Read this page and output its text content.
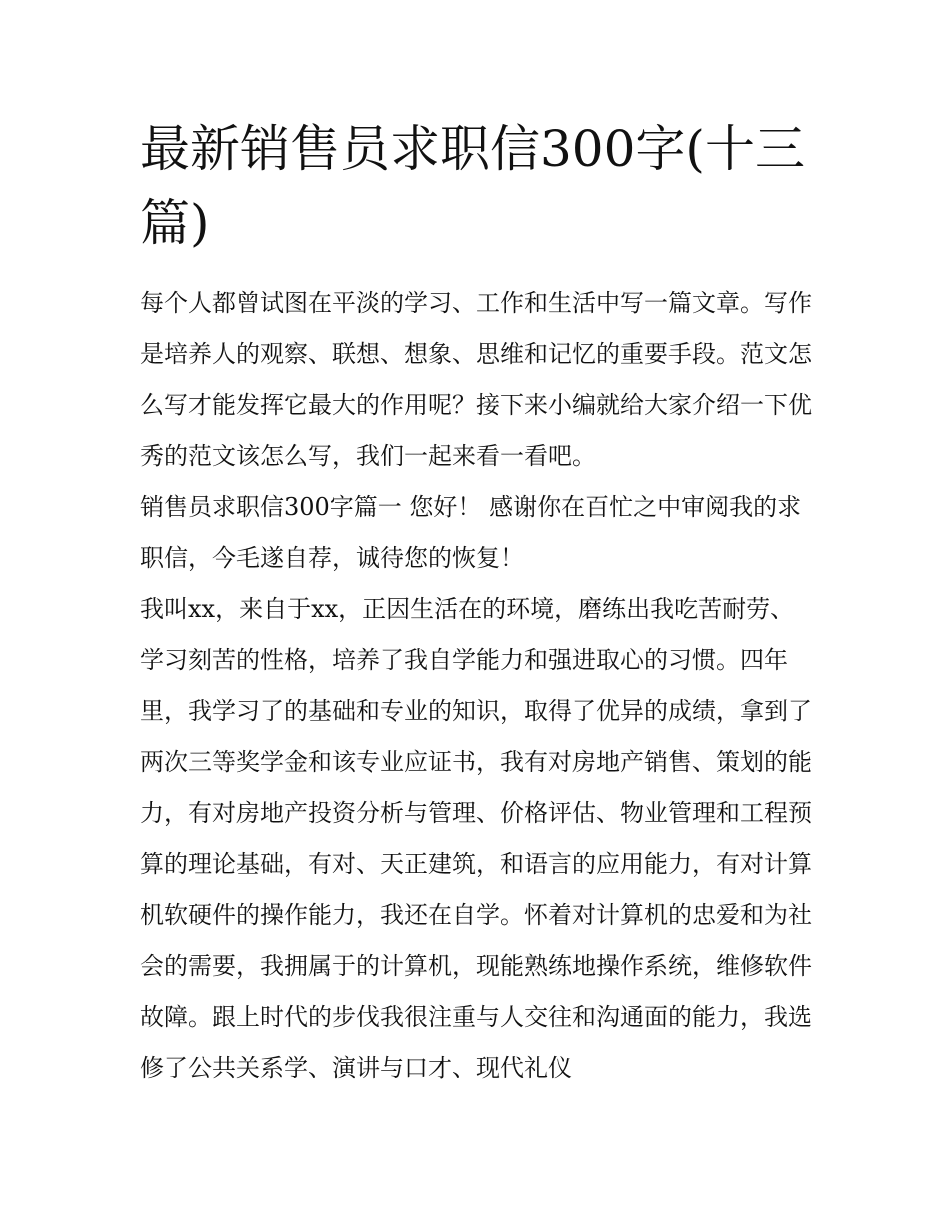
最新销售员求职信300字(十三篇)

每个人都曾试图在平淡的学习、工作和生活中写一篇文章。写作是培养人的观察、联想、想象、思维和记忆的重要手段。范文怎么写才能发挥它最大的作用呢？接下来小编就给大家介绍一下优秀的范文该怎么写，我们一起来看一看吧。

销售员求职信300字篇一 您好！ 感谢你在百忙之中审阅我的求职信，今毛遂自荐，诚待您的恢复！

我叫xx，来自于xx，正因生活在的环境，磨练出我吃苦耐劳、学习刻苦的性格，培养了我自学能力和强进取心的习惯。四年里，我学习了的基础和专业的知识，取得了优异的成绩，拿到了两次三等奖学金和该专业应证书，我有对房地产销售、策划的能力，有对房地产投资分析与管理、价格评估、物业管理和工程预算的理论基础，有对、天正建筑，和语言的应用能力，有对计算机软硬件的操作能力，我还在自学。怀着对计算机的忠爱和为社会的需要，我拥属于的计算机，现能熟练地操作系统，维修软件故障。跟上时代的步伐我很注重与人交往和沟通面的能力，我选修了公共关系学、演讲与口才、现代礼仪
